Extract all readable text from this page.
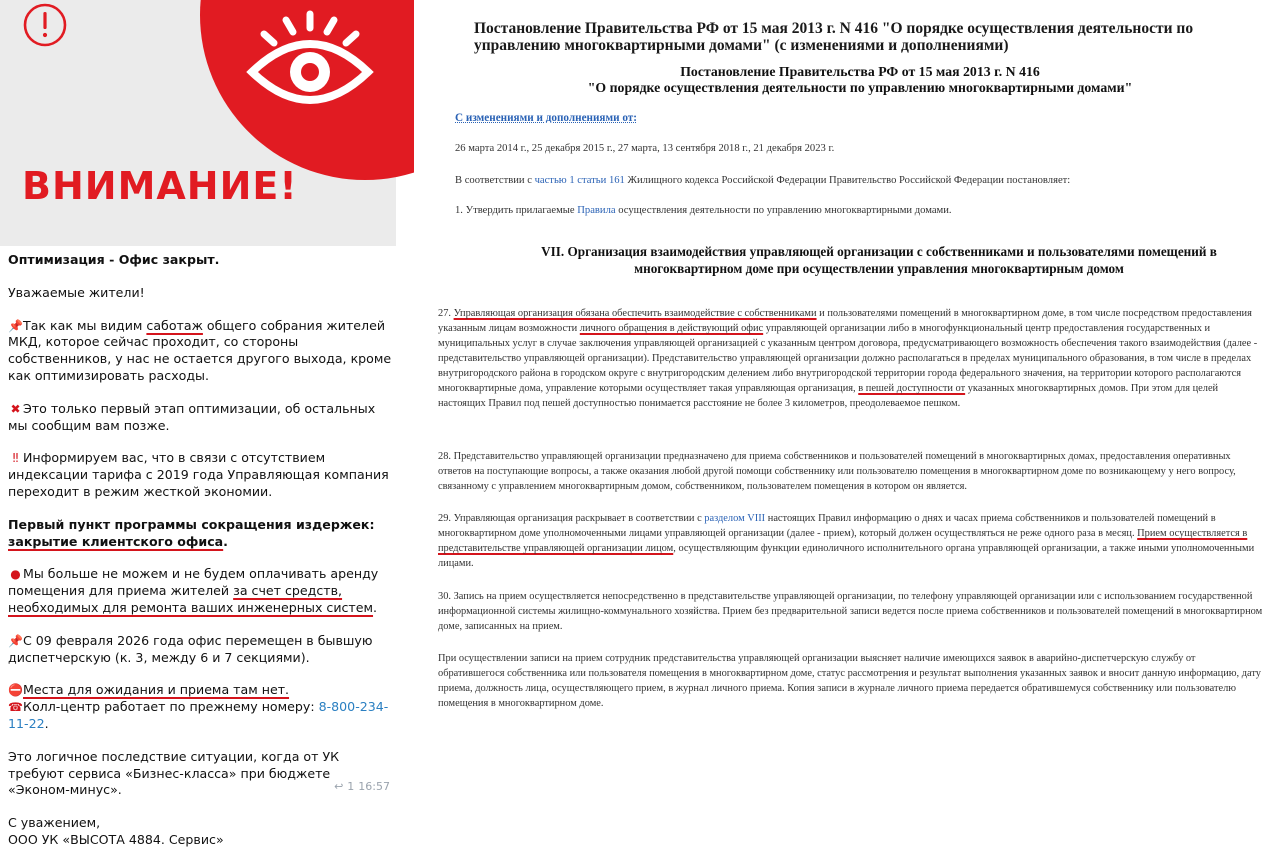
ВНИМАНИЕ!

Оптимизация - Офис закрыт.

Уважаемые жители!

📌Так как мы видим саботаж общего собрания жителей МКД, которое сейчас проходит, со стороны собственников, у нас не остается другого выхода, кроме как оптимизировать расходы.

✖ Это только первый этап оптимизации, об остальных мы сообщим вам позже.

‼ Информируем вас, что в связи с отсутствием индексации тарифа с 2019 года Управляющая компания переходит в режим жесткой экономии.

Первый пункт программы сокращения издержек: закрытие клиентского офиса.

● Мы больше не можем и не будем оплачивать аренду помещения для приема жителей за счет средств, необходимых для ремонта ваших инженерных систем.

📌С 09 февраля 2026 года офис перемещен в бывшую диспетчерскую (к. 3, между 6 и 7 секциями).

⛔Места для ожидания и приема там нет.

☎Колл-центр работает по прежнему номеру: 8-800-234-11-22.

Это логичное последствие ситуации, когда от УК требуют сервиса «Бизнес-класса» при бюджете «Эконом-минус».

С уважением,
ООО УК «ВЫСОТА 4884. Сервис»

↩ 1 16:57
Постановление Правительства РФ от 15 мая 2013 г. N 416 "О порядке осуществления деятельности по управлению многоквартирными домами" (с изменениями и дополнениями)
Постановление Правительства РФ от 15 мая 2013 г. N 416
"О порядке осуществления деятельности по управлению многоквартирными домами"
С изменениями и дополнениями от:
26 марта 2014 г., 25 декабря 2015 г., 27 марта, 13 сентября 2018 г., 21 декабря 2023 г.
В соответствии с частью 1 статьи 161 Жилищного кодекса Российской Федерации Правительство Российской Федерации постановляет:
1. Утвердить прилагаемые Правила осуществления деятельности по управлению многоквартирными домами.
VII. Организация взаимодействия управляющей организации с собственниками и пользователями помещений в многоквартирном доме при осуществлении управления многоквартирным домом
27. Управляющая организация обязана обеспечить взаимодействие с собственниками и пользователями помещений в многоквартирном доме, в том числе посредством предоставления указанным лицам возможности личного обращения в действующий офис управляющей организации либо в многофункциональный центр предоставления государственных и муниципальных услуг в случае заключения управляющей организацией с указанным центром договора, предусматривающего возможность обеспечения такого взаимодействия (далее - представительство управляющей организации). Представительство управляющей организации должно располагаться в пределах муниципального образования, в том числе в пределах внутригородского района в городском округе с внутригородским делением либо внутригородской территории города федерального значения, на территории которого располагаются многоквартирные дома, управление которыми осуществляет такая управляющая организация, в пешей доступности от указанных многоквартирных домов. При этом для целей настоящих Правил под пешей доступностью понимается расстояние не более 3 километров, преодолеваемое пешком.
28. Представительство управляющей организации предназначено для приема собственников и пользователей помещений в многоквартирных домах, предоставления оперативных ответов на поступающие вопросы, а также оказания любой другой помощи собственнику или пользователю помещения в многоквартирном доме по возникающему у него вопросу, связанному с управлением многоквартирным домом, собственником, пользователем помещения в котором он является.
29. Управляющая организация раскрывает в соответствии с разделом VIII настоящих Правил информацию о днях и часах приема собственников и пользователей помещений в многоквартирном доме уполномоченными лицами управляющей организации (далее - прием), который должен осуществляться не реже одного раза в месяц. Прием осуществляется в представительстве управляющей организации лицом, осуществляющим функции единоличного исполнительного органа управляющей организации, а также иными уполномоченными лицами.
30. Запись на прием осуществляется непосредственно в представительстве управляющей организации, по телефону управляющей организации или с использованием государственной информационной системы жилищно-коммунального хозяйства. Прием без предварительной записи ведется после приема собственников и пользователей помещений в многоквартирном доме, записанных на прием.
При осуществлении записи на прием сотрудник представительства управляющей организации выясняет наличие имеющихся заявок в аварийно-диспетчерскую службу от обратившегося собственника или пользователя помещения в многоквартирном доме, статус рассмотрения и результат выполнения указанных заявок и вносит данную информацию, дату приема, должность лица, осуществляющего прием, в журнал личного приема. Копия записи в журнале личного приема передается обратившемуся собственнику или пользователю помещения в многоквартирном доме.
